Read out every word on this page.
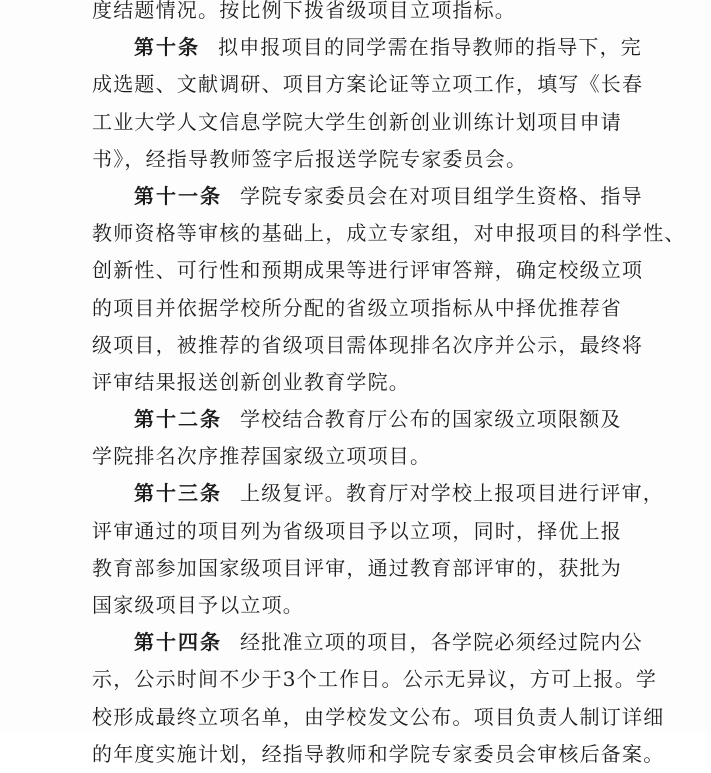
度结题情况。按比例下拨省级项目立项指标。
第十条 拟申报项目的同学需在指导教师的指导下，完
成选题、文献调研、项目方案论证等立项工作，填写《长春
工业大学人文信息学院大学生创新创业训练计划项目申请
书》，经指导教师签字后报送学院专家委员会。
第十一条 学院专家委员会在对项目组学生资格、指导
教师资格等审核的基础上，成立专家组，对申报项目的科学性、
创新性、可行性和预期成果等进行评审答辩，确定校级立项
的项目并依据学校所分配的省级立项指标从中择优推荐省
级项目，被推荐的省级项目需体现排名次序并公示，最终将
评审结果报送创新创业教育学院。
第十二条 学校结合教育厅公布的国家级立项限额及
学院排名次序推荐国家级立项项目。
第十三条 上级复评。教育厅对学校上报项目进行评审，
评审通过的项目列为省级项目予以立项，同时，择优上报
教育部参加国家级项目评审，通过教育部评审的，获批为
国家级项目予以立项。
第十四条 经批准立项的项目，各学院必须经过院内公
示，公示时间不少于3个工作日。公示无异议，方可上报。学
校形成最终立项名单，由学校发文公布。项目负责人制订详细
的年度实施计划，经指导教师和学院专家委员会审核后备案。
